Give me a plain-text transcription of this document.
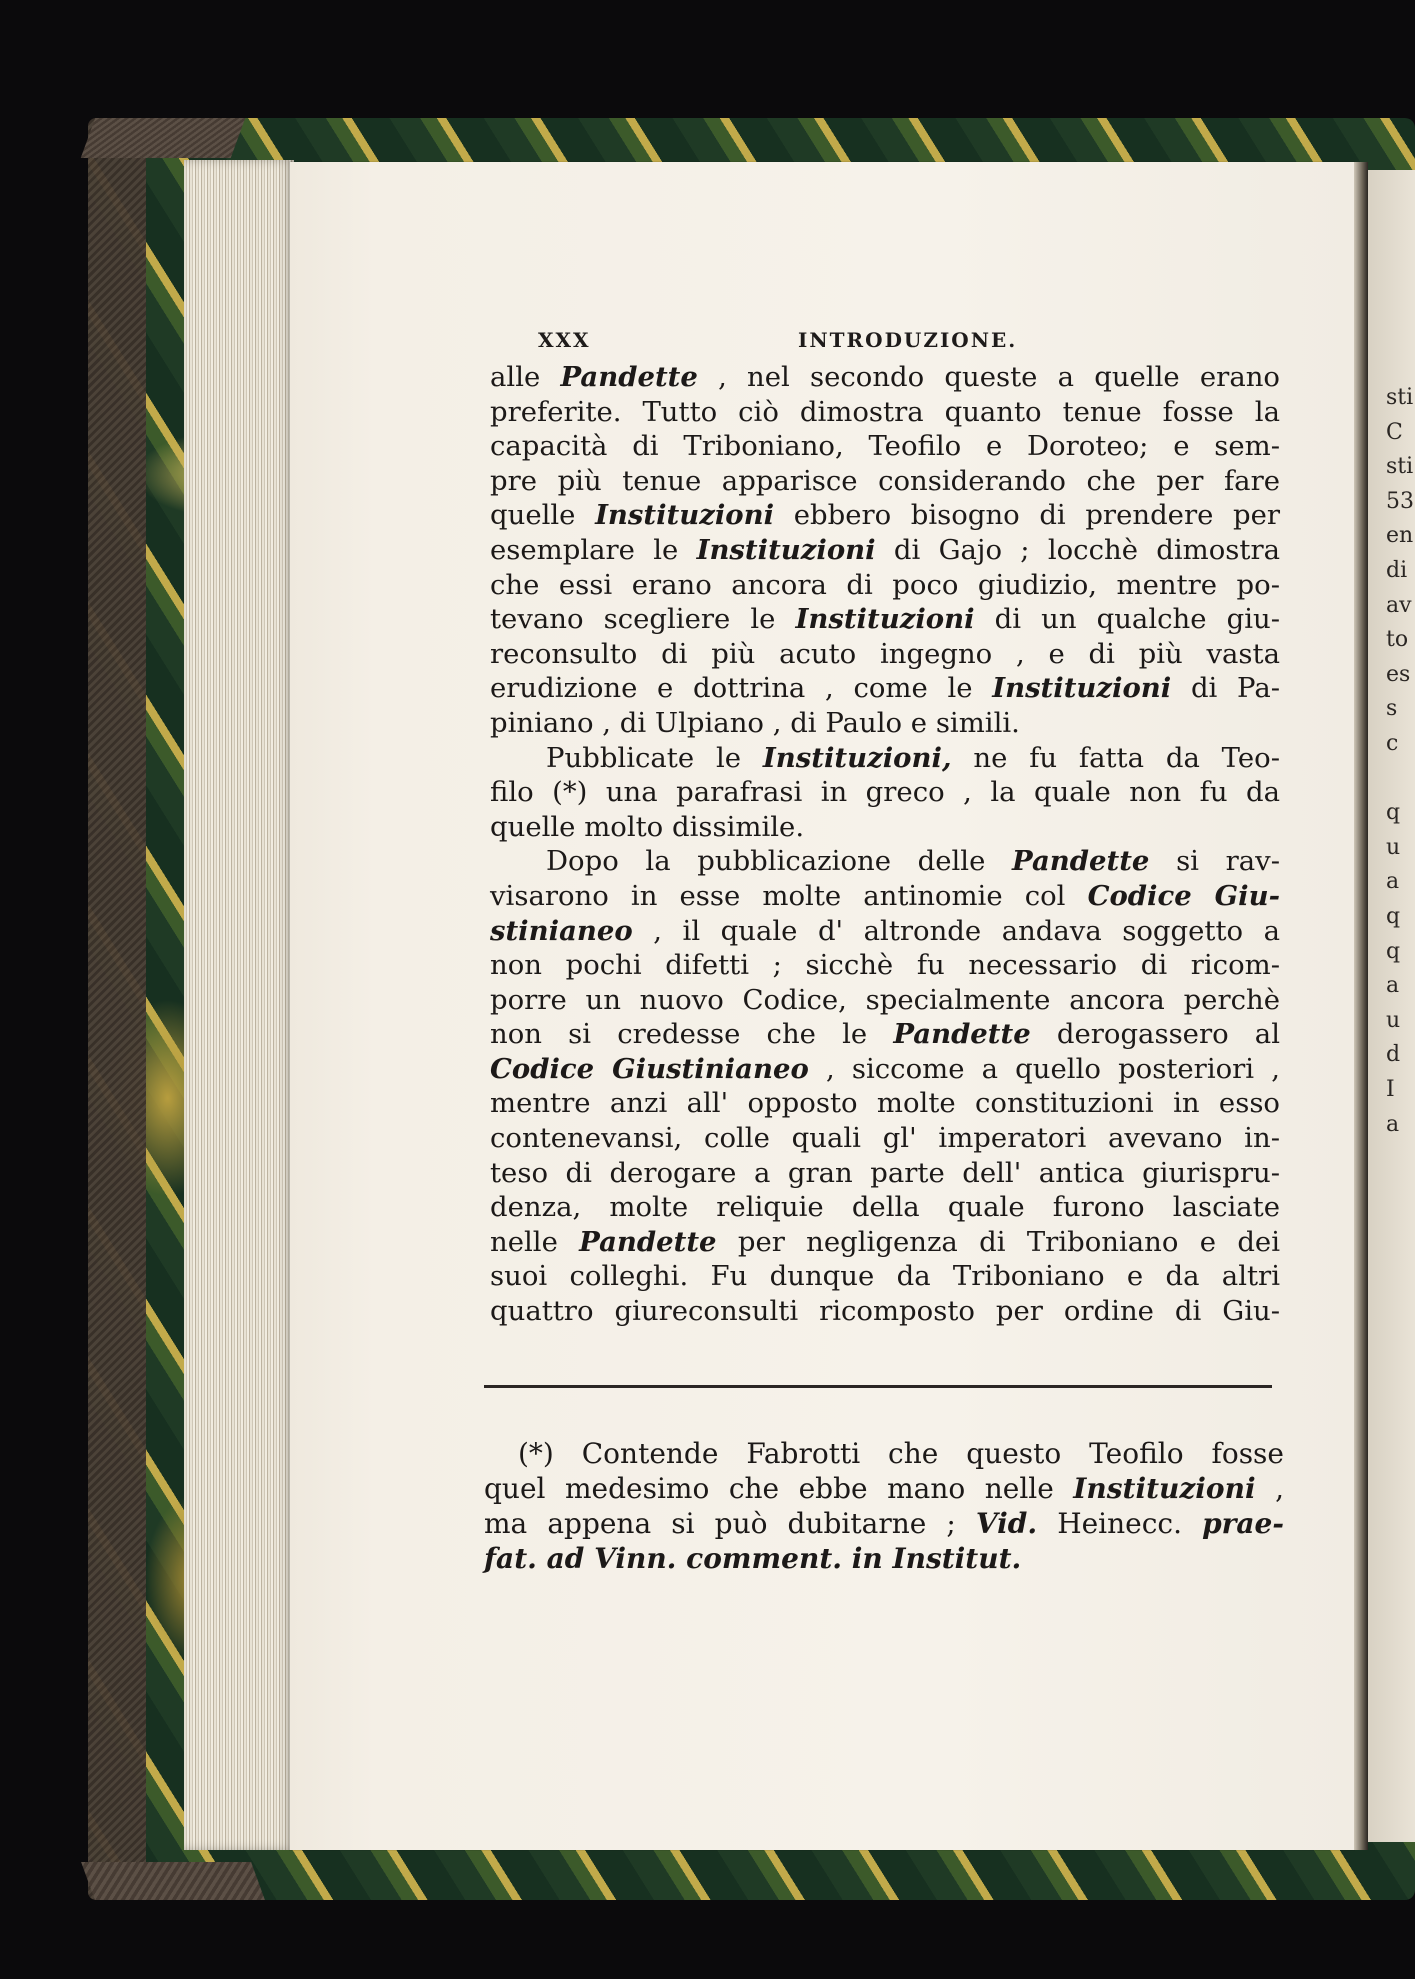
sti
C
sti
53
en
di
av
to
es
s
c
q
u
a
q
q
a
u
d
I
a
XXX	INTRODUZIONE.
alle Pandette , nel secondo queste a quelle erano
preferite. Tutto ciò dimostra quanto tenue fosse la
capacità di Triboniano, Teofilo e Doroteo; e sem-
pre più tenue apparisce considerando che per fare
quelle Instituzioni ebbero bisogno di prendere per
esemplare le Instituzioni di Gajo ; locchè dimostra
che essi erano ancora di poco giudizio, mentre po-
tevano scegliere le Instituzioni di un qualche giu-
reconsulto di più acuto ingegno , e di più vasta
erudizione e dottrina , come le Instituzioni di Pa-
piniano , di Ulpiano , di Paulo e simili.
Pubblicate le Instituzioni, ne fu fatta da Teo-
filo (*) una parafrasi in greco , la quale non fu da
quelle molto dissimile.
Dopo la pubblicazione delle Pandette si rav-
visarono in esse molte antinomie col Codice Giu-
stinianeo , il quale d' altronde andava soggetto a
non pochi difetti ; sicchè fu necessario di ricom-
porre un nuovo Codice, specialmente ancora perchè
non si credesse che le Pandette derogassero al
Codice Giustinianeo , siccome a quello posteriori ,
mentre anzi all' opposto molte constituzioni in esso
contenevansi, colle quali gl' imperatori avevano in-
teso di derogare a gran parte dell' antica giurispru-
denza, molte reliquie della quale furono lasciate
nelle Pandette per negligenza di Triboniano e dei
suoi colleghi. Fu dunque da Triboniano e da altri
quattro giureconsulti ricomposto per ordine di Giu-
(*) Contende Fabrotti che questo Teofilo fosse
quel medesimo che ebbe mano nelle Instituzioni ,
ma appena si può dubitarne ; Vid. Heinecc. prae-
fat. ad Vinn. comment. in Institut.
